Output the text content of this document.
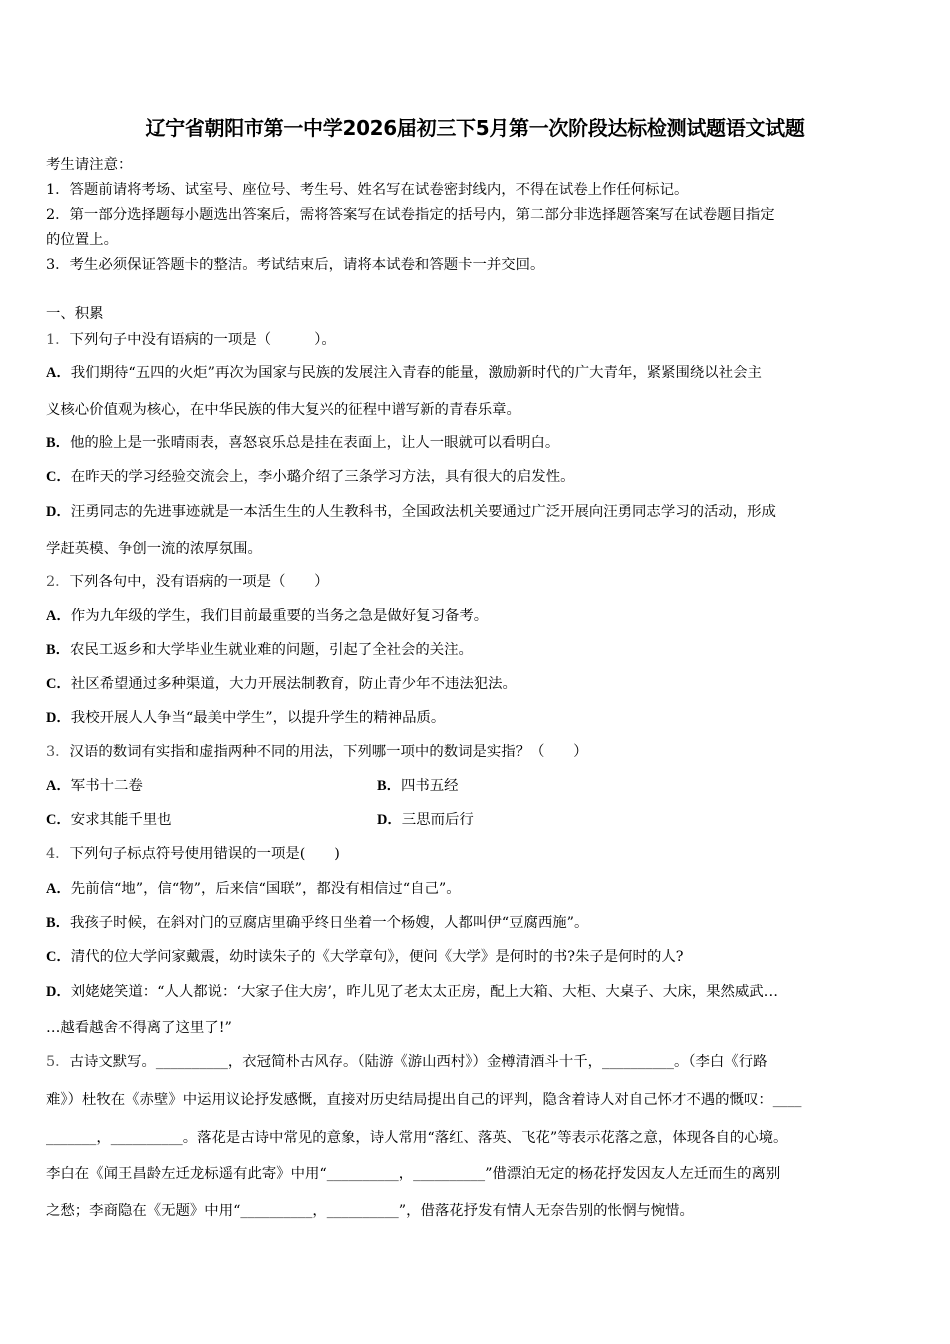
辽宁省朝阳市第一中学2026届初三下5月第一次阶段达标检测试题语文试题
考生请注意：
1．答题前请将考场、试室号、座位号、考生号、姓名写在试卷密封线内，不得在试卷上作任何标记。
2．第一部分选择题每小题选出答案后，需将答案写在试卷指定的括号内，第二部分非选择题答案写在试卷题目指定
的位置上。
3．考生必须保证答题卡的整洁。考试结束后，请将本试卷和答题卡一并交回。
一、积累
1．下列句子中没有语病的一项是（　　　）。
A．我们期待“五四的火炬”再次为国家与民族的发展注入青春的能量，激励新时代的广大青年，紧紧围绕以社会主
义核心价值观为核心，在中华民族的伟大复兴的征程中谱写新的青春乐章。
B．他的脸上是一张晴雨表，喜怒哀乐总是挂在表面上，让人一眼就可以看明白。
C．在昨天的学习经验交流会上，李小璐介绍了三条学习方法，具有很大的启发性。
D．汪勇同志的先进事迹就是一本活生生的人生教科书，全国政法机关要通过广泛开展向汪勇同志学习的活动，形成
学赶英模、争创一流的浓厚氛围。
2．下列各句中，没有语病的一项是（　　）
A．作为九年级的学生，我们目前最重要的当务之急是做好复习备考。
B．农民工返乡和大学毕业生就业难的问题，引起了全社会的关注。
C．社区希望通过多种渠道，大力开展法制教育，防止青少年不违法犯法。
D．我校开展人人争当“最美中学生”，以提升学生的精神品质。
3．汉语的数词有实指和虚指两种不同的用法，下列哪一项中的数词是实指？（　　）
A．军书十二卷	B．四书五经
C．安求其能千里也	D．三思而后行
4．下列句子标点符号使用错误的一项是(　　)
A．先前信“地”，信“物”，后来信“国联”，都没有相信过“自己”。
B．我孩子时候，在斜对门的豆腐店里确乎终日坐着一个杨嫂，人都叫伊“豆腐西施”。
C．清代的位大学问家戴震，幼时读朱子的《大学章句》，便问《大学》是何时的书?朱子是何时的人?
D．刘姥姥笑道：“人人都说：‘大家子住大房’，昨儿见了老太太正房，配上大箱、大柜、大桌子、大床，果然威武…
…越看越舍不得离了这里了!”
5．古诗文默写。__________，衣冠简朴古风存。（陆游《游山西村》）金樽清酒斗十千，__________。（李白《行路
难》）杜牧在《赤壁》中运用议论抒发感慨，直接对历史结局提出自己的评判，隐含着诗人对自己怀才不遇的慨叹：____
_______，__________。落花是古诗中常见的意象，诗人常用“落红、落英、飞花”等表示花落之意，体现各自的心境。
李白在《闻王昌龄左迁龙标遥有此寄》中用“__________，__________”借漂泊无定的杨花抒发因友人左迁而生的离别
之愁；李商隐在《无题》中用“__________，__________”，借落花抒发有情人无奈告别的怅惘与惋惜。
